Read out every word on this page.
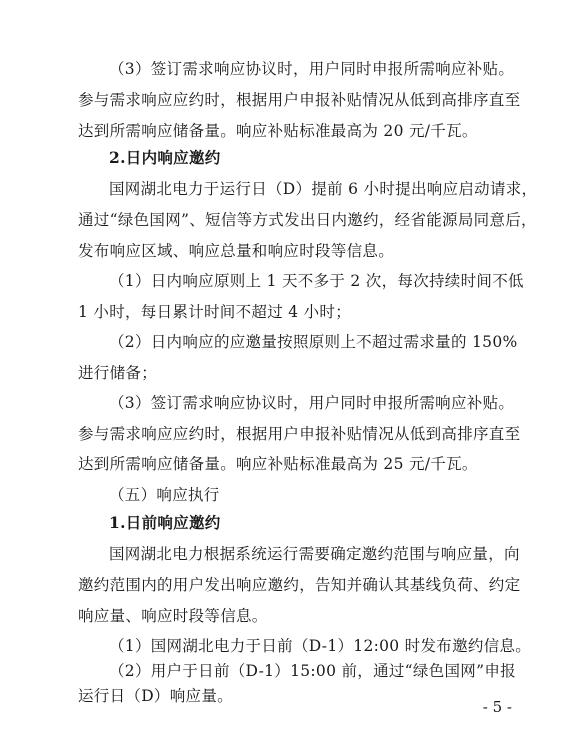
（3）签订需求响应协议时，用户同时申报所需响应补贴。
参与需求响应应约时，根据用户申报补贴情况从低到高排序直至
达到所需响应储备量。响应补贴标准最高为 20 元/千瓦。
2.日内响应邀约
国网湖北电力于运行日（D）提前 6 小时提出响应启动请求，
通过“绿色国网”、短信等方式发出日内邀约，经省能源局同意后，
发布响应区域、响应总量和响应时段等信息。
（1）日内响应原则上 1 天不多于 2 次，每次持续时间不低
1 小时，每日累计时间不超过 4 小时；
（2）日内响应的应邀量按照原则上不超过需求量的 150%
进行储备；
（3）签订需求响应协议时，用户同时申报所需响应补贴。
参与需求响应应约时，根据用户申报补贴情况从低到高排序直至
达到所需响应储备量。响应补贴标准最高为 25 元/千瓦。
（五）响应执行
1.日前响应邀约
国网湖北电力根据系统运行需要确定邀约范围与响应量，向
邀约范围内的用户发出响应邀约，告知并确认其基线负荷、约定
响应量、响应时段等信息。
（1）国网湖北电力于日前（D-1）12:00 时发布邀约信息。
（2）用户于日前（D-1）15:00 前，通过“绿色国网”申报
运行日（D）响应量。
- 5 -
